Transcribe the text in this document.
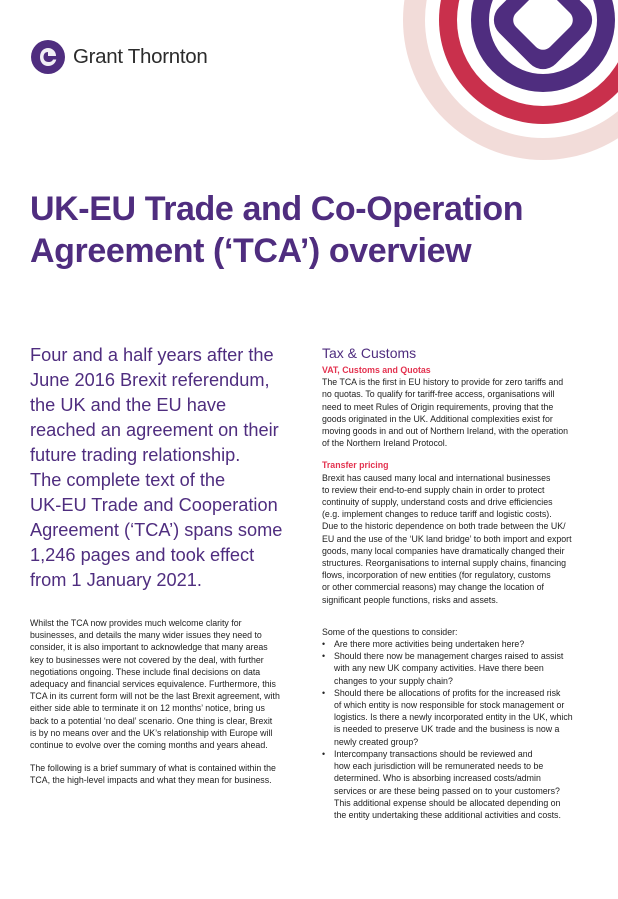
Grant Thornton
UK-EU Trade and Co-Operation
Agreement (‘TCA’) overview

Four and a half years after the
June 2016 Brexit referendum,
the UK and the EU have
reached an agreement on their
future trading relationship.
The complete text of the
UK-EU Trade and Cooperation
Agreement (‘TCA’) spans some
1,246 pages and took effect
from 1 January 2021.

Whilst the TCA now provides much welcome clarity for
businesses, and details the many wider issues they need to
consider, it is also important to acknowledge that many areas
key to businesses were not covered by the deal, with further
negotiations ongoing. These include final decisions on data
adequacy and financial services equivalence. Furthermore, this
TCA in its current form will not be the last Brexit agreement, with
either side able to terminate it on 12 months’ notice, bring us
back to a potential ‘no deal’ scenario. One thing is clear, Brexit
is by no means over and the UK’s relationship with Europe will
continue to evolve over the coming months and years ahead.

The following is a brief summary of what is contained within the
TCA, the high-level impacts and what they mean for business.

Tax & Customs
VAT, Customs and Quotas

The TCA is the first in EU history to provide for zero tariffs and
no quotas. To qualify for tariff-free access, organisations will
need to meet Rules of Origin requirements, proving that the
goods originated in the UK. Additional complexities exist for
moving goods in and out of Northern Ireland, with the operation
of the Northern Ireland Protocol.

Transfer pricing

Brexit has caused many local and international businesses
to review their end-to-end supply chain in order to protect
continuity of supply, understand costs and drive efficiencies
(e.g. implement changes to reduce tariff and logistic costs).
Due to the historic dependence on both trade between the UK/
EU and the use of the ‘UK land bridge’ to both import and export
goods, many local companies have dramatically changed their
structures. Reorganisations to internal supply chains, financing
flows, incorporation of new entities (for regulatory, customs
or other commercial reasons) may change the location of
significant people functions, risks and assets.

Some of the questions to consider:
• Are there more activities being undertaken here?
• Should there now be management charges raised to assist
with any new UK company activities. Have there been
changes to your supply chain?
• Should there be allocations of profits for the increased risk
of which entity is now responsible for stock management or
logistics. Is there a newly incorporated entity in the UK, which
is needed to preserve UK trade and the business is now a
newly created group?
• Intercompany transactions should be reviewed and
how each jurisdiction will be remunerated needs to be
determined. Who is absorbing increased costs/admin
services or are these being passed on to your customers?
This additional expense should be allocated depending on
the entity undertaking these additional activities and costs.
